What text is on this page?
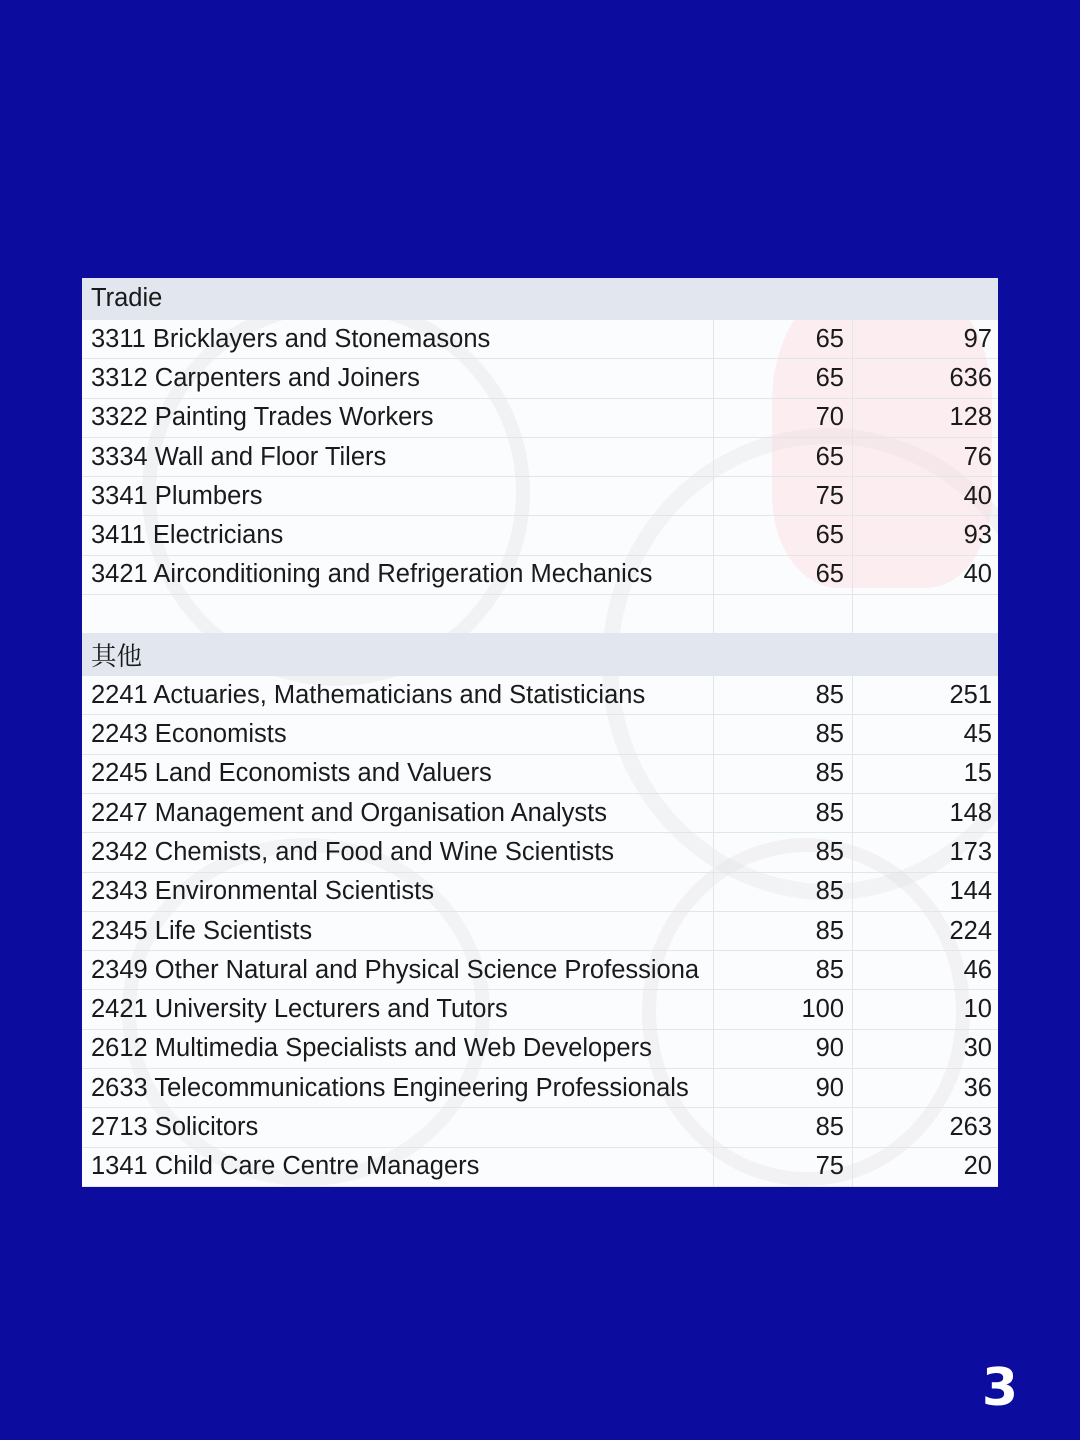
Tradie
3311 Bricklayers and Stonemasons	65	97
3312 Carpenters and Joiners	65	636
3322 Painting Trades Workers	70	128
3334 Wall and Floor Tilers	65	76
3341 Plumbers	75	40
3411 Electricians	65	93
3421 Airconditioning and Refrigeration Mechanics	65	40
其他
2241 Actuaries, Mathematicians and Statisticians	85	251
2243 Economists	85	45
2245 Land Economists and Valuers	85	15
2247 Management and Organisation Analysts	85	148
2342 Chemists, and Food and Wine Scientists	85	173
2343 Environmental Scientists	85	144
2345 Life Scientists	85	224
2349 Other Natural and Physical Science Professiona	85	46
2421 University Lecturers and Tutors	100	10
2612 Multimedia Specialists and Web Developers	90	30
2633 Telecommunications Engineering Professionals	90	36
2713 Solicitors	85	263
1341 Child Care Centre Managers	75	20
3
